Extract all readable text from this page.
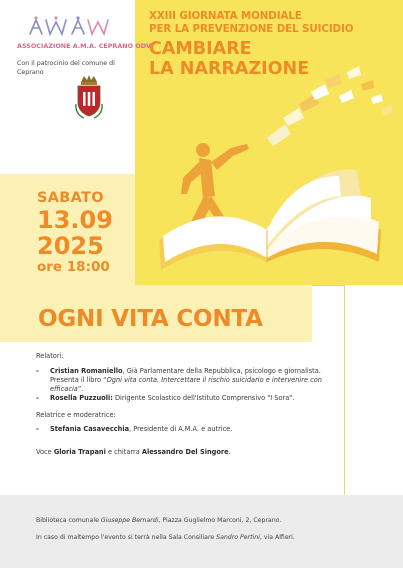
XXIII GIORNATA MONDIALE
PER LA PREVENZIONE DEL SUICIDIO
CAMBIARE
LA NARRAZIONE
ASSOCIAZIONE A.M.A. CEPRANO ODV
Con il patrocinio del comune di Ceprano
SABATO
13.09
2025
ore 18:00
OGNI VITA CONTA
Relatori:
- Cristian Romaniello, Già Parlamentare della Repubblica, psicologo e giornalista. Presenta il libro “Ogni vita conta. Intercettare il rischio suicidario e intervenire con efficacia”.
- Rosella Puzzuoli: Dirigente Scolastico dell'Istituto Comprensivo "I Sora".
Relatrice e moderatrice:
- Stefania Casavecchia, Presidente di A.M.A. e autrice.
Voce Gloria Trapani e chitarra Alessandro Del Singore.

Biblioteca comunale Giuseppe Bernardi, Piazza Guglielmo Marconi, 2, Ceprano.

In caso di maltempo l'evento si terrà nella Sala Consiliare Sandro Pertini, via Alfieri.
